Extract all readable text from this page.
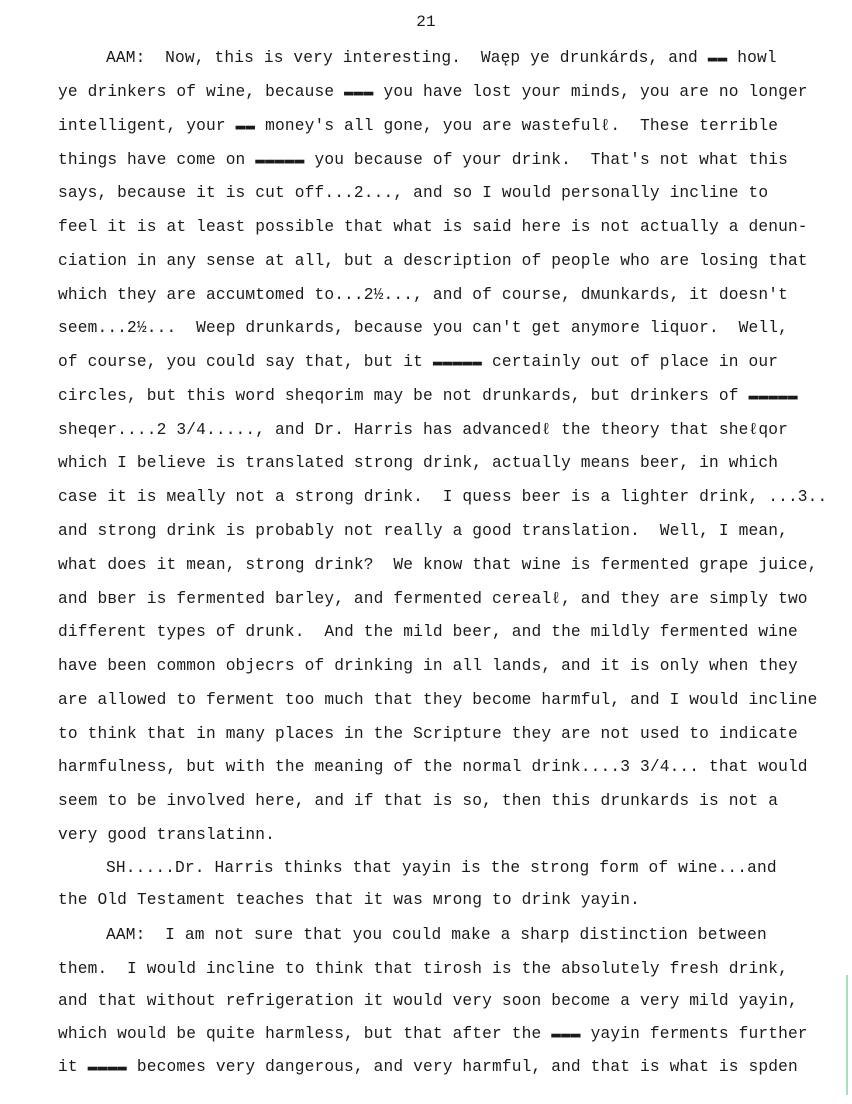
21
AAM:  Now, this is very interesting.  Waęp ye drunkárds, and ▬▬ howl
ye drinkers of wine, because ▬▬▬ you have lost your minds, you are no longer
intelligent, your ▬▬ money's all gone, you are wastefulℓ.  These terrible
things have come on ▬▬▬▬▬ you because of your drink.  That's not what this
says, because it is cut off...2..., and so I would personally incline to
feel it is at least possible that what is said here is not actually a denun-
ciation in any sense at all, but a description of people who are losing that
which they are accuмtomed to...2½..., and of course, dмunkards, it doesn't
seem...2½...  Weep drunkards, because you can't get anymore liquor.  Well,
of course, you could say that, but it ▬▬▬▬▬ certainly out of place in our
circles, but this word sheqorim may be not drunkards, but drinkers of ▬▬▬▬▬
sheqer....2 3/4....., and Dr. Harris has advancedℓ the theory that sheℓqor
which I believe is translated strong drink, actually means beer, in which
case it is мeally not a strong drink.  I quess beer is a lighter drink, ...3..
and strong drink is probably not really a good translation.  Well, I mean,
what does it mean, strong drink?  We know that wine is fermented grape juice,
and bвer is fermented barley, and fermented cerealℓ, and they are simply two
different types of drunk.  And the mild beer, and the mildly fermented wine
have been common objecrs of drinking in all lands, and it is only when they
are allowed to ferмent too much that they become harmful, and I would incline
to think that in many places in the Scripture they are not used to indicate
harmfulness, but with the meaning of the normal drink....3 3/4... that would
seem to be involved here, and if that is so, then this drunkards is not a
very good translatinn.
SH.....Dr. Harris thinks that yayin is the strong form of wine...and
the Old Testament teaches that it was мrong to drink yayin.
AAM:  I am not sure that you could make a sharp distinction between
them.  I would incline to think that tirosh is the absolutely fresh drink,
and that without refrigeration it would very soon become a very mild yayin,
which would be quite harmless, but that after the ▬▬▬ yayin ferments further
it ▬▬▬▬ becomes very dangerous, and very harmful, and that is what is spden
